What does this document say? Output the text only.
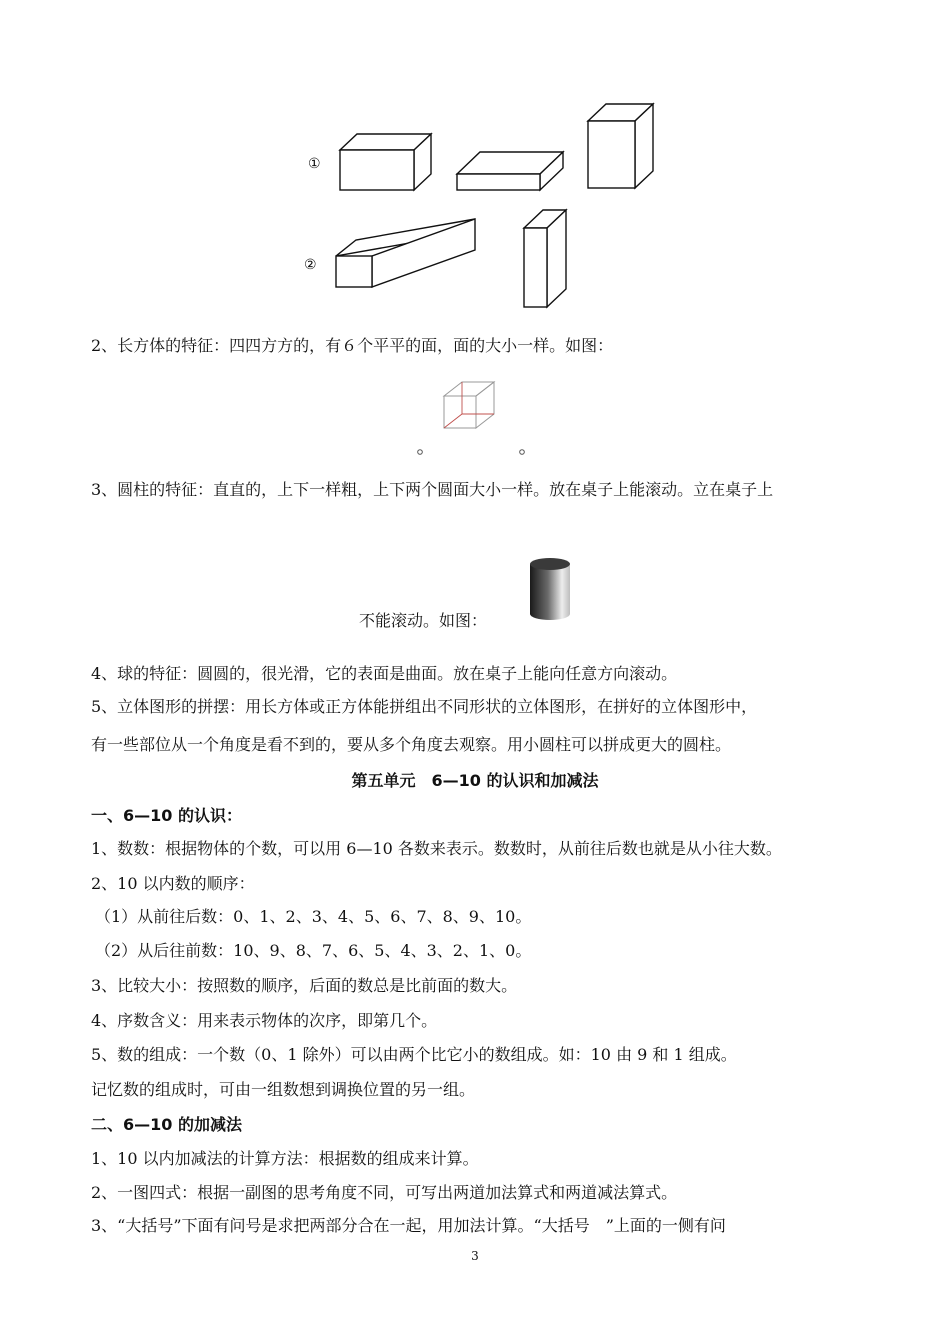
①
②
2、长方体的特征：四四方方的，有６个平平的面，面的大小一样。如图：
3、圆柱的特征：直直的，上下一样粗，上下两个圆面大小一样。放在桌子上能滚动。立在桌子上
不能滚动。如图：
4、球的特征：圆圆的，很光滑，它的表面是曲面。放在桌子上能向任意方向滚动。
5、立体图形的拼摆：用长方体或正方体能拼组出不同形状的立体图形，在拼好的立体图形中，
有一些部位从一个角度是看不到的，要从多个角度去观察。用小圆柱可以拼成更大的圆柱。
第五单元　6—10 的认识和加减法
一、6—10 的认识：
1、数数：根据物体的个数，可以用 6—10 各数来表示。数数时，从前往后数也就是从小往大数。
2、10 以内数的顺序：
（1）从前往后数：0、1、2、3、4、5、6、7、8、9、10。
（2）从后往前数：10、9、8、7、6、5、4、3、2、1、0。
3、比较大小：按照数的顺序，后面的数总是比前面的数大。
4、序数含义：用来表示物体的次序，即第几个。
5、数的组成：一个数（0、1 除外）可以由两个比它小的数组成。如：10 由 9 和 1 组成。
记忆数的组成时，可由一组数想到调换位置的另一组。
二、6—10 的加减法
1、10 以内加减法的计算方法：根据数的组成来计算。
2、一图四式：根据一副图的思考角度不同，可写出两道加法算式和两道减法算式。
3、“大括号”下面有问号是求把两部分合在一起，用加法计算。“大括号　”上面的一侧有问
3
